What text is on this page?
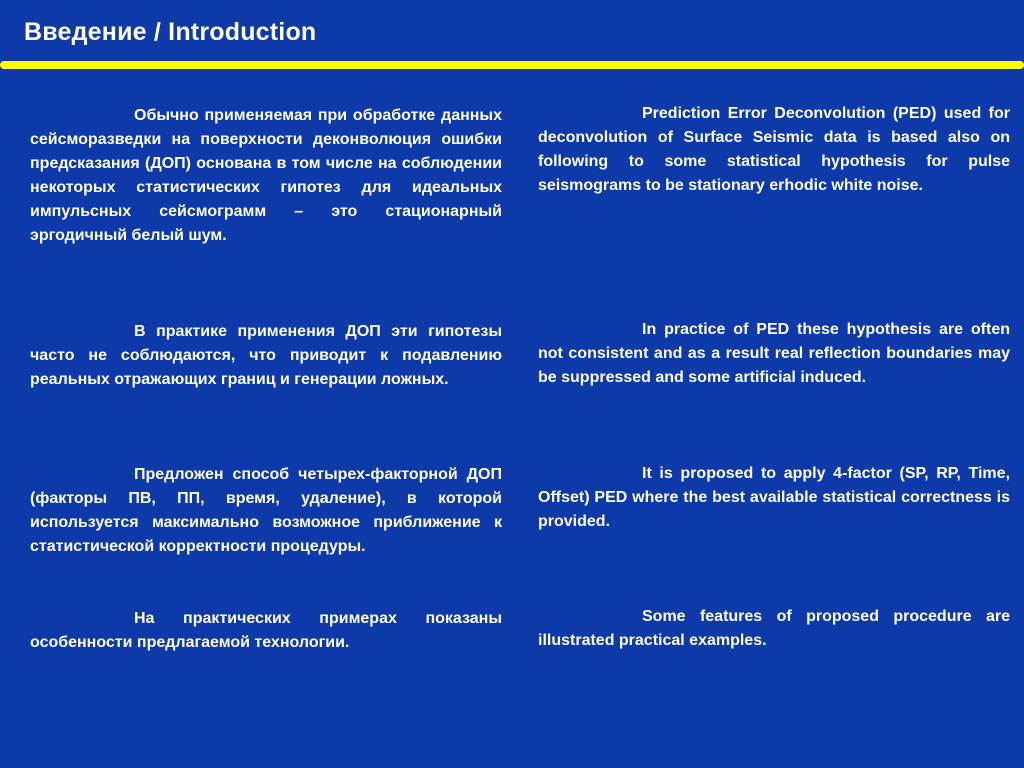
Введение / Introduction

Обычно применяемая при обработке данных сейсморазведки на поверхности деконволюция ошибки предсказания (ДОП) основана в том числе на соблюдении некоторых статистических гипотез для идеальных импульсных сейсмограмм – это стационарный эргодичный белый шум.

В практике применения ДОП эти гипотезы часто не соблюдаются, что приводит к подавлению реальных отражающих границ и генерации ложных.

Предложен способ четырех-факторной ДОП (факторы ПВ, ПП, время, удаление), в которой используется максимально возможное приближение к статистической корректности процедуры.

На практических примерах показаны особенности предлагаемой технологии.

Prediction Error Deconvolution (PED) used for deconvolution of Surface Seismic data is based also on following to some statistical hypothesis for pulse seismograms to be stationary erhodic white noise.

In practice of PED these hypothesis are often not consistent and as a result real reflection boundaries may be suppressed and some artificial induced.

It is proposed to apply 4-factor (SP, RP, Time, Offset) PED where the best available statistical correctness is provided.

Some features of proposed procedure are illustrated practical examples.
